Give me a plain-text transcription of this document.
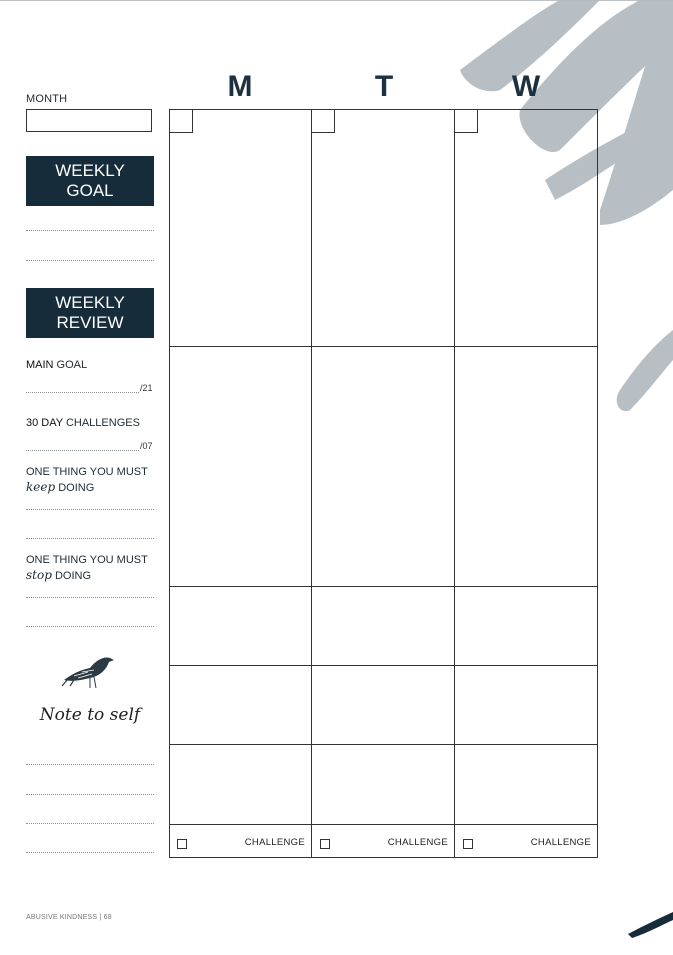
MONTH
WEEKLY
GOAL
WEEKLY
REVIEW
MAIN GOAL
/21
30 DAY CHALLENGES
/07
ONE THING YOU MUST
keep DOING
ONE THING YOU MUST
stop DOING
Note to self
M	T	W
CHALLENGE	CHALLENGE	CHALLENGE
ABUSIVE KINDNESS | 68
